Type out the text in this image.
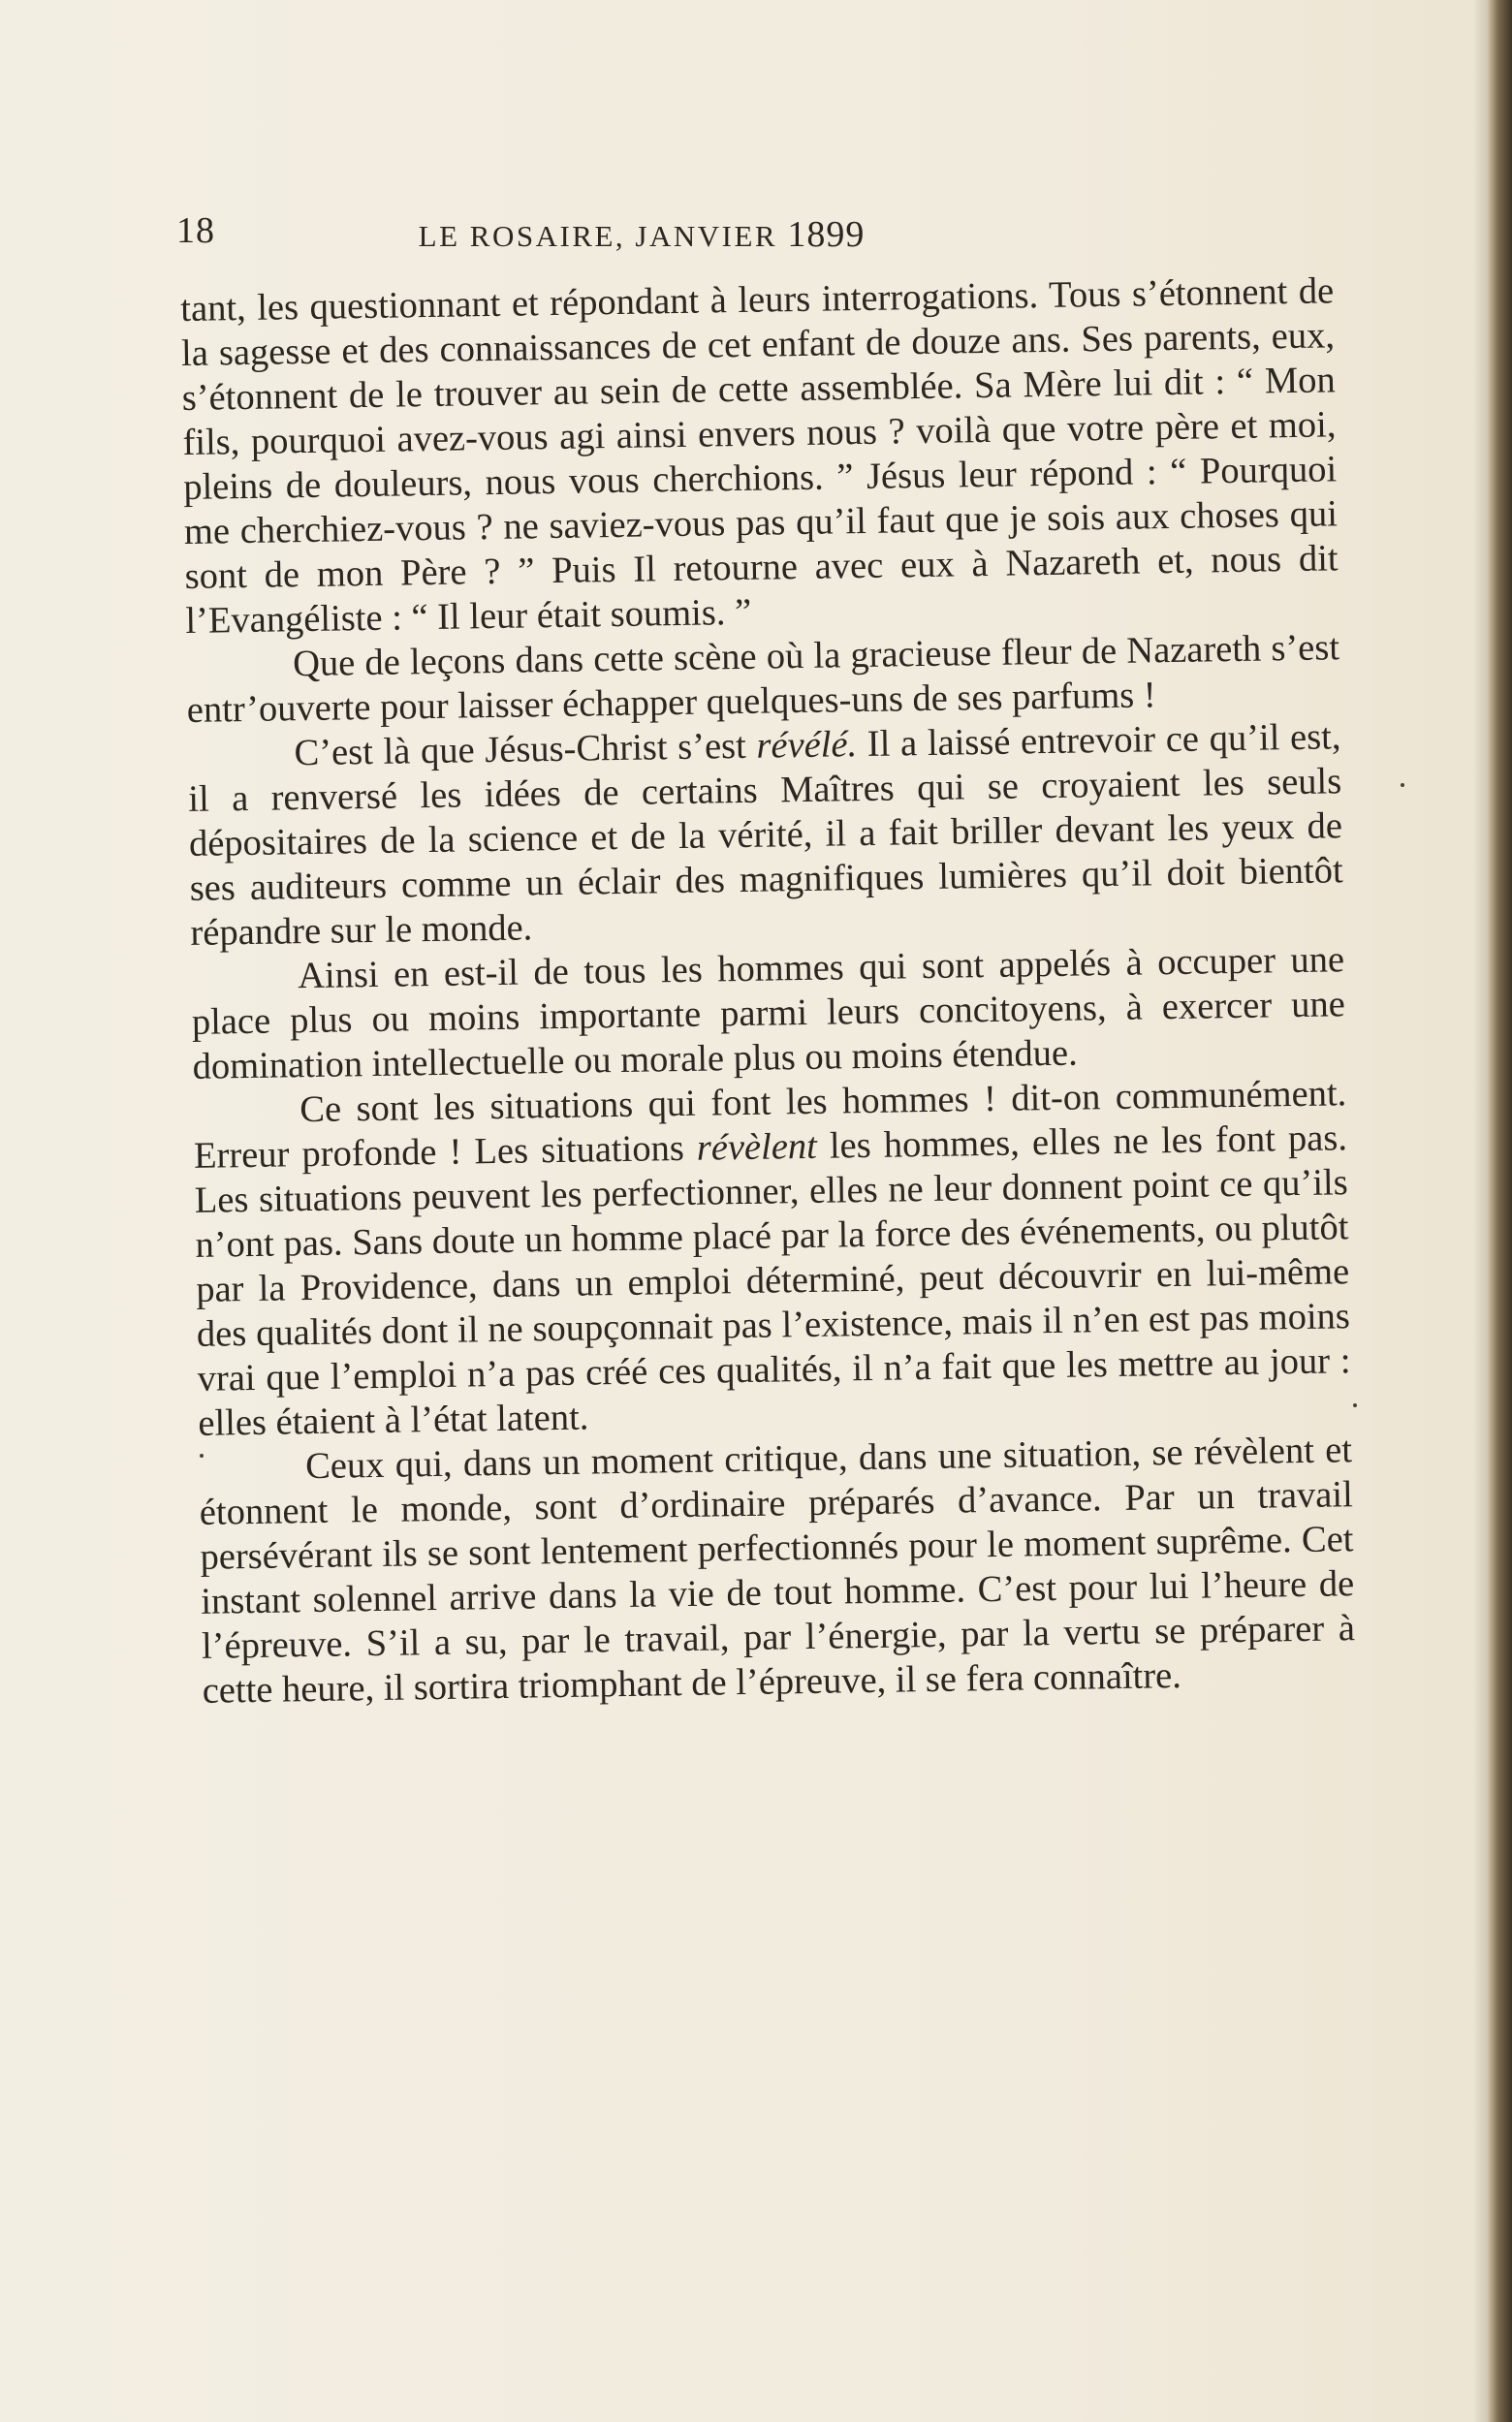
18	LE ROSAIRE, JANVIER 1899

tant, les questionnant et répondant à leurs interrogations. Tous s’étonnent de la sagesse et des connaissances de cet enfant de douze ans. Ses parents, eux, s’étonnent de le trouver au sein de cette assemblée. Sa Mère lui dit : “ Mon fils, pourquoi avez-vous agi ainsi envers nous ? voilà que votre père et moi, pleins de douleurs, nous vous cherchions. ” Jésus leur répond : “ Pourquoi me cherchiez-vous ? ne saviez-vous pas qu’il faut que je sois aux choses qui sont de mon Père ? ” Puis Il retourne avec eux à Nazareth et, nous dit l’Evangéliste : “ Il leur était soumis. ”

Que de leçons dans cette scène où la gracieuse fleur de Nazareth s’est entr’ouverte pour laisser échapper quelques-uns de ses parfums !

C’est là que Jésus-Christ s’est révélé. Il a laissé entrevoir ce qu’il est, il a renversé les idées de certains Maîtres qui se croyaient les seuls dépositaires de la science et de la vérité, il a fait briller devant les yeux de ses auditeurs comme un éclair des magnifiques lumières qu’il doit bientôt répandre sur le monde.

Ainsi en est-il de tous les hommes qui sont appelés à occuper une place plus ou moins importante parmi leurs concitoyens, à exercer une domination intellectuelle ou morale plus ou moins étendue.

Ce sont les situations qui font les hommes ! dit-on communément. Erreur profonde ! Les situations révèlent les hommes, elles ne les font pas. Les situations peuvent les perfectionner, elles ne leur donnent point ce qu’ils n’ont pas. Sans doute un homme placé par la force des événements, ou plutôt par la Providence, dans un emploi déterminé, peut découvrir en lui-même des qualités dont il ne soupçonnait pas l’existence, mais il n’en est pas moins vrai que l’emploi n’a pas créé ces qualités, il n’a fait que les mettre au jour : elles étaient à l’état latent.

Ceux qui, dans un moment critique, dans une situation, se révèlent et étonnent le monde, sont d’ordinaire préparés d’avance. Par un travail persévérant ils se sont lentement perfectionnés pour le moment suprême. Cet instant solennel arrive dans la vie de tout homme. C’est pour lui l’heure de l’épreuve. S’il a su, par le travail, par l’énergie, par la vertu se préparer à cette heure, il sortira triomphant de l’épreuve, il se fera connaître.
